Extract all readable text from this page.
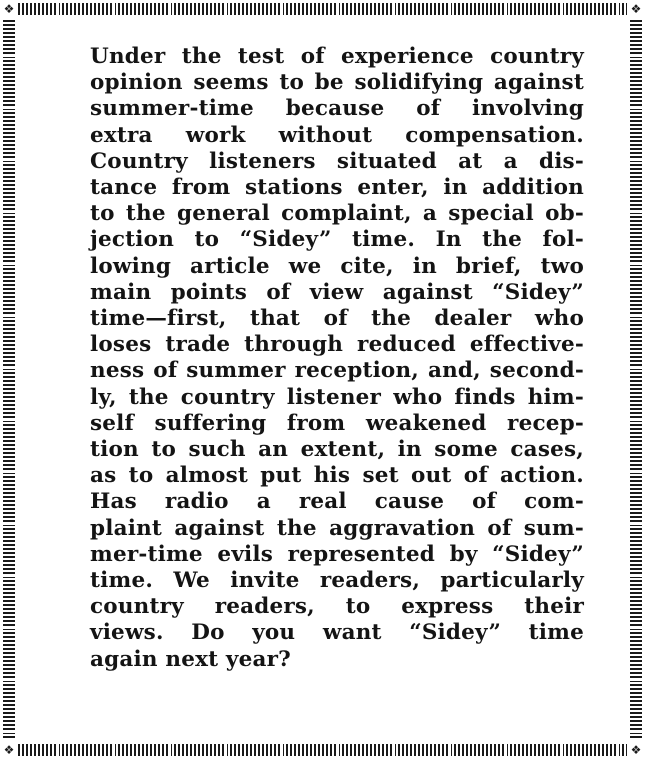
❖	❖
❖	❖

Under the test of experience country
opinion seems to be solidifying against
summer-time because of involving
extra work without compensation.
Country listeners situated at a dis-
tance from stations enter, in addition
to the general complaint, a special ob-
jection to “Sidey” time. In the fol-
lowing article we cite, in brief, two
main points of view against “Sidey”
time—first, that of the dealer who
loses trade through reduced effective-
ness of summer reception, and, second-
ly, the country listener who finds him-
self suffering from weakened recep-
tion to such an extent, in some cases,
as to almost put his set out of action.

Has radio a real cause of com-
plaint against the aggravation of sum-
mer-time evils represented by “Sidey”
time. We invite readers, particularly
country readers, to express their
views. Do you want “Sidey” time
again next year?
